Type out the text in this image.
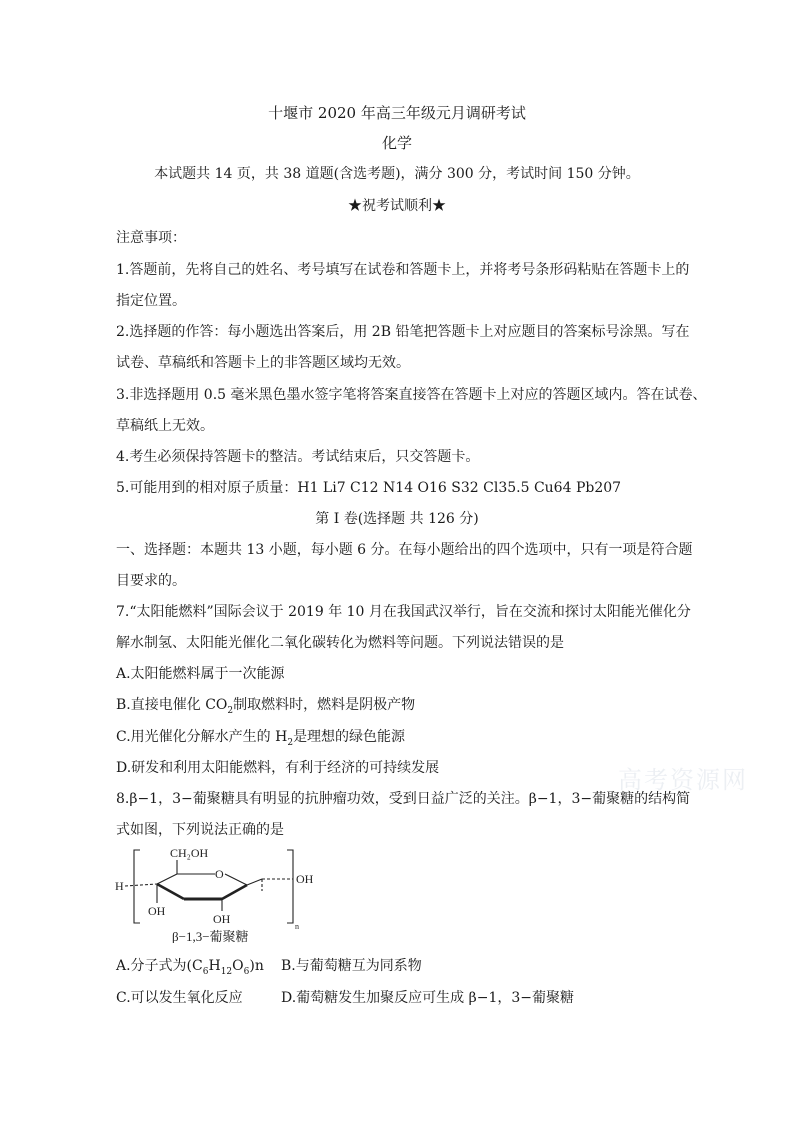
十堰市 2020 年高三年级元月调研考试
化学
本试题共 14 页，共 38 道题(含选考题)，满分 300 分，考试时间 150 分钟。
★祝考试顺利★
注意事项：
1.答题前，先将自己的姓名、考号填写在试卷和答题卡上，并将考号条形码粘贴在答题卡上的
指定位置。
2.选择题的作答：每小题选出答案后，用 2B 铅笔把答题卡上对应题目的答案标号涂黑。写在
试卷、草稿纸和答题卡上的非答题区域均无效。
3.非选择题用 0.5 毫米黑色墨水签字笔将答案直接答在答题卡上对应的答题区域内。答在试卷、
草稿纸上无效。
4.考生必须保持答题卡的整洁。考试结束后，只交答题卡。
5.可能用到的相对原子质量：H1 Li7 C12 N14 O16 S32 Cl35.5 Cu64 Pb207
第 I 卷(选择题 共 126 分)
一、选择题：本题共 13 小题，每小题 6 分。在每小题给出的四个选项中，只有一项是符合题
目要求的。
7.“太阳能燃料”国际会议于 2019 年 10 月在我国武汉举行，旨在交流和探讨太阳能光催化分
解水制氢、太阳能光催化二氧化碳转化为燃料等问题。下列说法错误的是
A.太阳能燃料属于一次能源
B.直接电催化 $CO_2$制取燃料时，燃料是阴极产物
C.用光催化分解水产生的 $H_2$是理想的绿色能源
D.研发和利用太阳能燃料，有利于经济的可持续发展
8.β−1，3−葡聚糖具有明显的抗肿瘤功效，受到日益广泛的关注。β−1，3−葡聚糖的结构简
式如图，下列说法正确的是
H
CH₂OH
O	OH
OH
OH
n
β−1,3−葡聚糖
A.分子式为$(C_6H_{12}O_6)n$	B.与葡萄糖互为同系物
C.可以发生氧化反应	D.葡萄糖发生加聚反应可生成 β−1，3−葡聚糖
高考资源网
